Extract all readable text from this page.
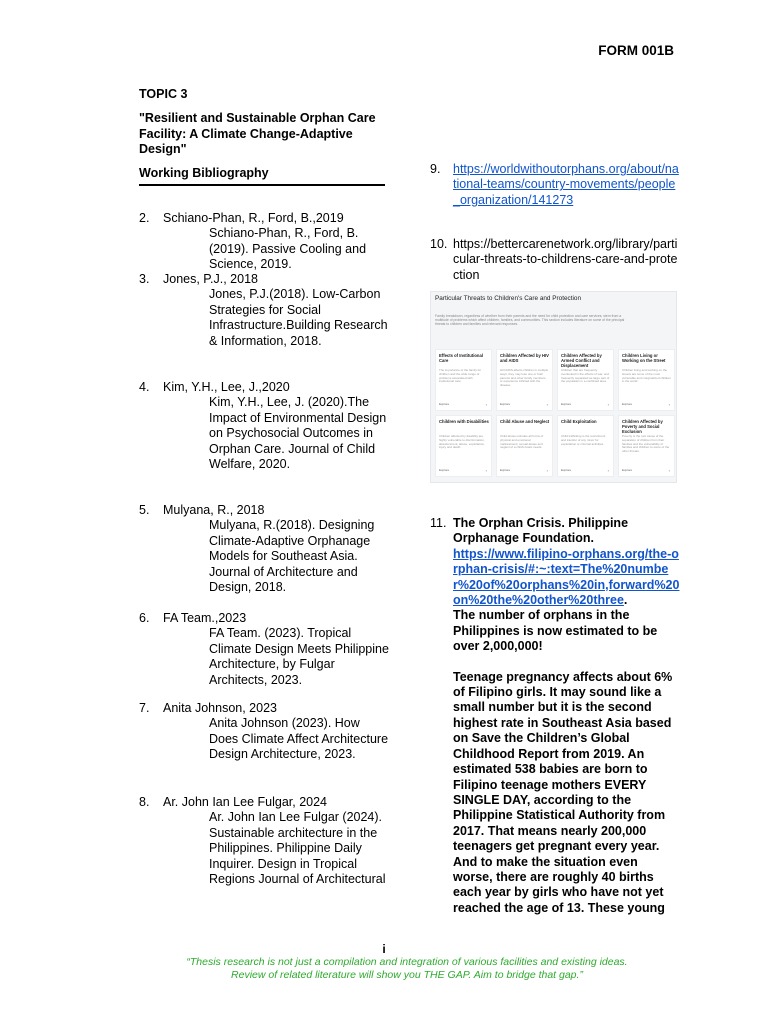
FORM 001B
TOPIC 3
"Resilient and Sustainable Orphan Care Facility: A Climate Change-Adaptive Design"
Working Bibliography
2.	Schiano-Phan, R., Ford, B.,2019
Schiano-Phan, R., Ford, B. (2019). Passive Cooling and Science, 2019.
3.	Jones, P.J., 2018
Jones, P.J.(2018). Low-Carbon Strategies for Social Infrastructure.Building Research & Information, 2018.
4.	Kim, Y.H., Lee, J.,2020
Kim, Y.H., Lee, J. (2020).The Impact of Environmental Design on Psychosocial Outcomes in Orphan Care. Journal of Child Welfare, 2020.
5.	Mulyana, R., 2018
Mulyana, R.(2018). Designing Climate-Adaptive Orphanage Models for Southeast Asia. Journal of Architecture and Design, 2018.
6.	FA Team.,2023
FA Team. (2023). Tropical Climate Design Meets Philippine Architecture, by Fulgar Architects, 2023.
7.	Anita Johnson, 2023
Anita Johnson (2023). How Does Climate Affect Architecture Design Architecture, 2023.
8.	Ar. John Ian Lee Fulgar, 2024
Ar. John Ian Lee Fulgar (2024). Sustainable architecture in the Philippines. Philippine Daily Inquirer. Design in Tropical Regions Journal of Architectural
9.	https://worldwithoutorphans.org/about/national-teams/country-movements/people_organization/141273
10. https://bettercarenetwork.org/library/particular-threats-to-childrens-care-and-protection
Particular Threats to Children's Care and Protection
Family breakdown, regardless of whether from their parents and the need for child protection and care services, stem from a multitude of problems which affect children, families, and communities. This section includes literature on some of the principal threats to children and families and relevant responses.
Effects of Institutional Care
The importance of the family for children and the wide range of problems associated with institutional care.
Explore	›
Children Affected by HIV and AIDS
HIV/AIDS affects children in multiple ways, they may lose one or both parents and other family members or experience inflicted with the disease.
Explore	›
Children Affected by Armed Conflict and Displacement
Children that are frequently overlooked in the effects of war, and frequently separated as large part of the population in a conflicted area.
Explore	›
Children Living or Working on the Street
Children living and working on the streets are some of the most vulnerable and marginalized children in the world.
Explore	›
Children with Disabilities
Children affected by disability are highly vulnerable to discrimination, abandonment, abuse, exploitation, injury and death.
Explore	›
Child Abuse and Neglect
Child abuse includes all forms of physical and emotional maltreatment, sexual abuse and neglect of a child's basic needs.
Explore	›
Child Exploitation
Child trafficking is the recruitment and transfer of any minor for exploitation or criminal activities.
Explore	›
Children Affected by Poverty and Social Exclusion
Poverty is the root cause of the separation of children from their families and the vulnerability of families and children to some of the other threats.
Explore	›
11. The Orphan Crisis. Philippine Orphanage Foundation.
https://www.filipino-orphans.org/the-orphan-crisis/#:~:text=The%20number%20of%20orphans%20in,forward%20on%20the%20other%20three.
The number of orphans in the Philippines is now estimated to be over 2,000,000!
Teenage pregnancy affects about 6% of Filipino girls. It may sound like a small number but it is the second highest rate in Southeast Asia based on Save the Children’s Global Childhood Report from 2019. An estimated 538 babies are born to Filipino teenage mothers EVERY SINGLE DAY, according to the Philippine Statistical Authority from 2017. That means nearly 200,000 teenagers get pregnant every year. And to make the situation even worse, there are roughly 40 births each year by girls who have not yet reached the age of 13. These young
i
“Thesis research is not just a compilation and integration of various facilities and existing ideas.
Review of related literature will show you THE GAP. Aim to bridge that gap.”
